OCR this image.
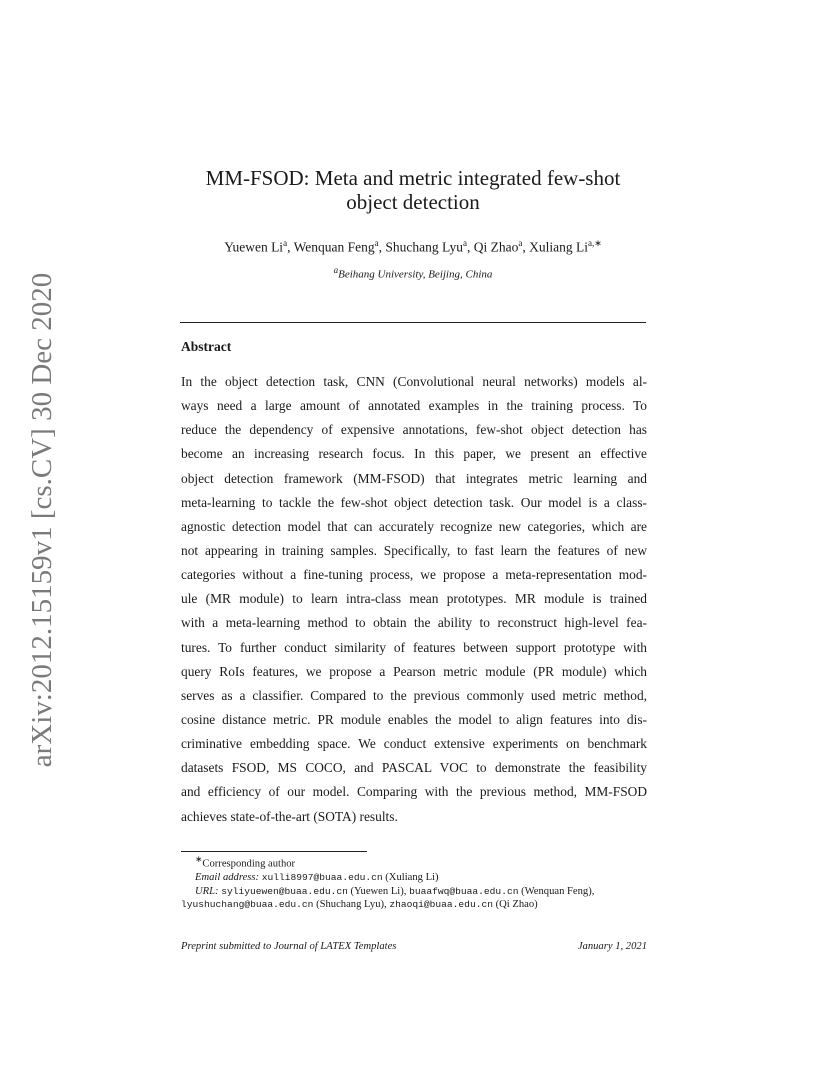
arXiv:2012.15159v1 [cs.CV] 30 Dec 2020
MM-FSOD: Meta and metric integrated few-shot
object detection
Yuewen Li$^a$, Wenquan Feng$^a$, Shuchang Lyu$^a$, Qi Zhao$^a$, Xuliang $Li^{a,∗}$
$^a$Beihang University, Beijing, China
Abstract
In the object detection task, CNN (Convolutional neural networks) models al-
ways need a large amount of annotated examples in the training process. To
reduce the dependency of expensive annotations, few-shot object detection has
become an increasing research focus. In this paper, we present an effective
object detection framework (MM-FSOD) that integrates metric learning and
meta-learning to tackle the few-shot object detection task. Our model is a class-
agnostic detection model that can accurately recognize new categories, which are
not appearing in training samples. Specifically, to fast learn the features of new
categories without a fine-tuning process, we propose a meta-representation mod-
ule (MR module) to learn intra-class mean prototypes. MR module is trained
with a meta-learning method to obtain the ability to reconstruct high-level fea-
tures. To further conduct similarity of features between support prototype with
query RoIs features, we propose a Pearson metric module (PR module) which
serves as a classifier. Compared to the previous commonly used metric method,
cosine distance metric. PR module enables the model to align features into dis-
criminative embedding space. We conduct extensive experiments on benchmark
datasets FSOD, MS COCO, and PASCAL VOC to demonstrate the feasibility
and efficiency of our model. Comparing with the previous method, MM-FSOD
achieves state-of-the-art (SOTA) results.
∗Corresponding author
Email address: xulli8997@buaa.edu.cn (Xuliang Li)
URL: syliyuewen@buaa.edu.cn (Yuewen Li), buaafwq@buaa.edu.cn (Wenquan Feng),
lyushuchang@buaa.edu.cn (Shuchang Lyu), zhaoqi@buaa.edu.cn (Qi Zhao)
Preprint submitted to Journal of LATEX Templates	January 1, 2021
